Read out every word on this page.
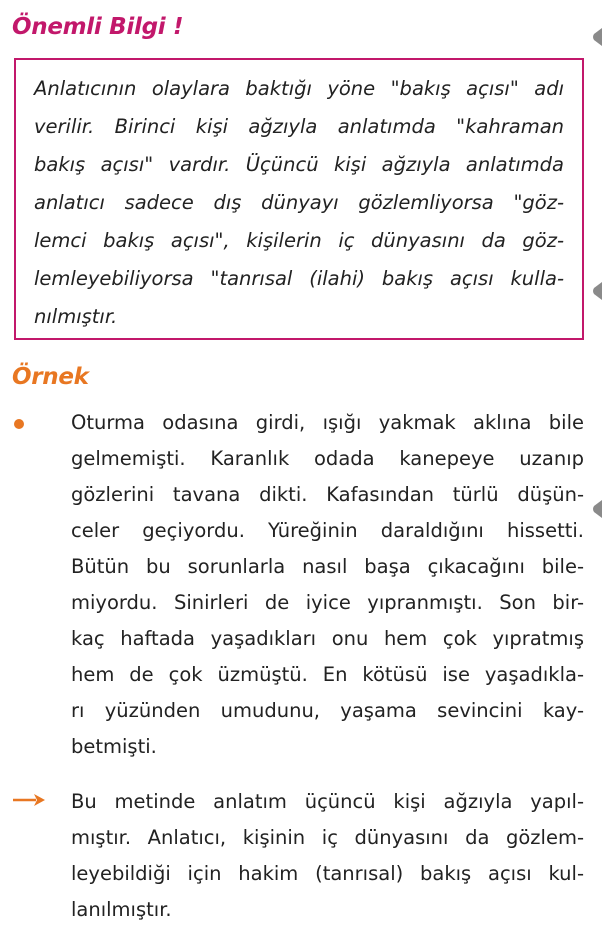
Önemli Bilgi !
Anlatıcının olaylara baktığı yöne "bakış açısı" adı
verilir. Birinci kişi ağzıyla anlatımda "kahraman
bakış açısı" vardır. Üçüncü kişi ağzıyla anlatımda
anlatıcı sadece dış dünyayı gözlemliyorsa "göz-
lemci bakış açısı", kişilerin iç dünyasını da göz-
lemleyebiliyorsa "tanrısal (ilahi) bakış açısı kulla-
nılmıştır.
Örnek
Oturma odasına girdi, ışığı yakmak aklına bile
gelmemişti. Karanlık odada kanepeye uzanıp
gözlerini tavana dikti. Kafasından türlü düşün-
celer geçiyordu. Yüreğinin daraldığını hissetti.
Bütün bu sorunlarla nasıl başa çıkacağını bile-
miyordu. Sinirleri de iyice yıpranmıştı. Son bir-
kaç haftada yaşadıkları onu hem çok yıpratmış
hem de çok üzmüştü. En kötüsü ise yaşadıkla-
rı yüzünden umudunu, yaşama sevincini kay-
betmişti.
Bu metinde anlatım üçüncü kişi ağzıyla yapıl-
mıştır. Anlatıcı, kişinin iç dünyasını da gözlem-
leyebildiği için hakim (tanrısal) bakış açısı kul-
lanılmıştır.
